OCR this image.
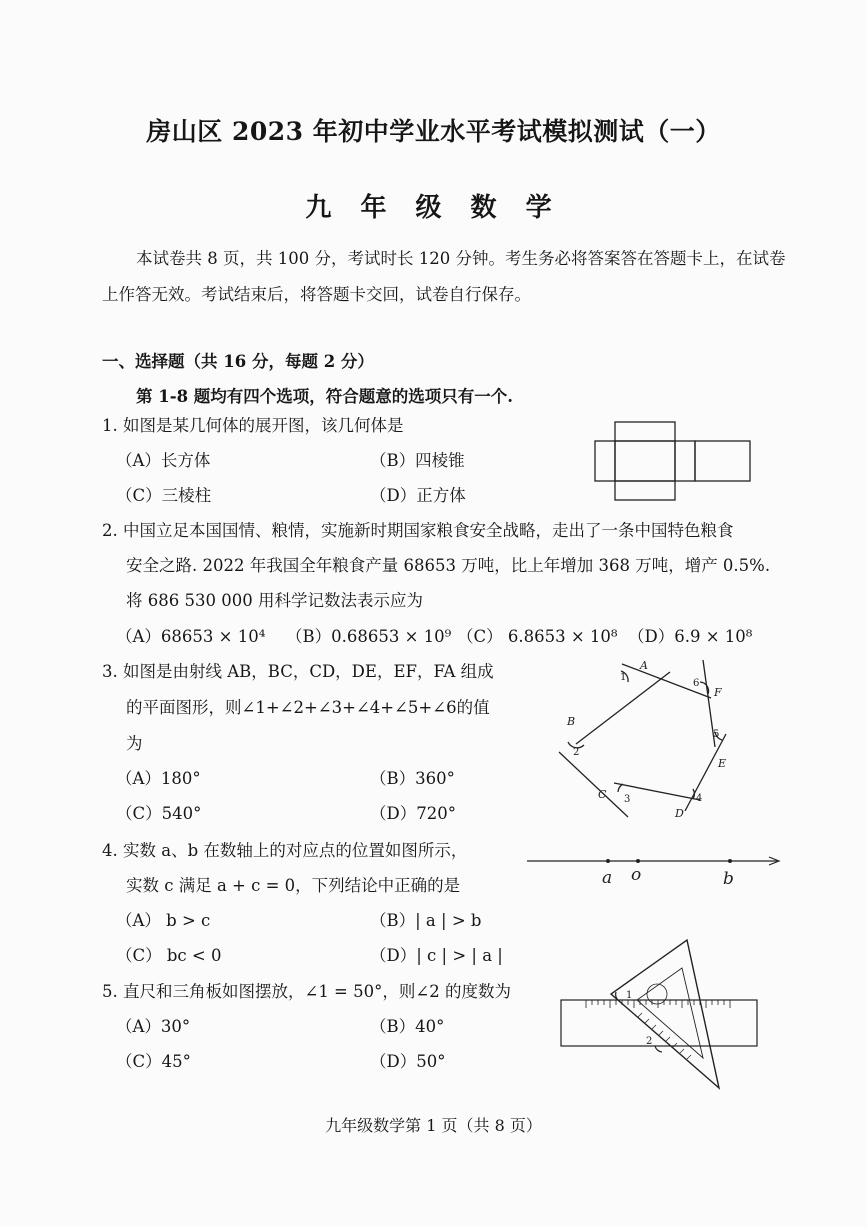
房山区 2023 年初中学业水平考试模拟测试（一）
九 年 级 数 学
本试卷共 8 页，共 100 分，考试时长 120 分钟。考生务必将答案答在答题卡上，在试卷上作答无效。考试结束后，将答题卡交回，试卷自行保存。
一、选择题（共 16 分，每题 2 分）
第 1-8 题均有四个选项，符合题意的选项只有一个.
1. 如图是某几何体的展开图，该几何体是
（A）长方体	（B）四棱锥
（C）三棱柱	（D）正方体
2. 中国立足本国国情、粮情，实施新时期国家粮食安全战略，走出了一条中国特色粮食
安全之路. 2022 年我国全年粮食产量 68653 万吨，比上年增加 368 万吨，增产 0.5%.
将 686 530 000 用科学记数法表示应为
（A）68653 × 10⁴ （B）0.68653 × 10⁹ （C） 6.8653 × 10⁸ （D）6.9 × 10⁸
3. 如图是由射线 AB，BC，CD，DE，EF，FA 组成
的平面图形，则∠1+∠2+∠3+∠4+∠5+∠6的值
为
（A）180°	（B）360°
（C）540°	（D）720°
A
B
C
D
E
F
1
2
3	4
5
6
4. 实数 a、b 在数轴上的对应点的位置如图所示，
实数 c 满足 a + c = 0，下列结论中正确的是
（A） b > c	（B）| a | > b
（C） bc < 0	（D）| c | > | a |
a o	b
5. 直尺和三角板如图摆放，∠1 = 50°，则∠2 的度数为
（A）30°	（B）40°
（C）45°	（D）50°
1
2
九年级数学第 1 页（共 8 页）
